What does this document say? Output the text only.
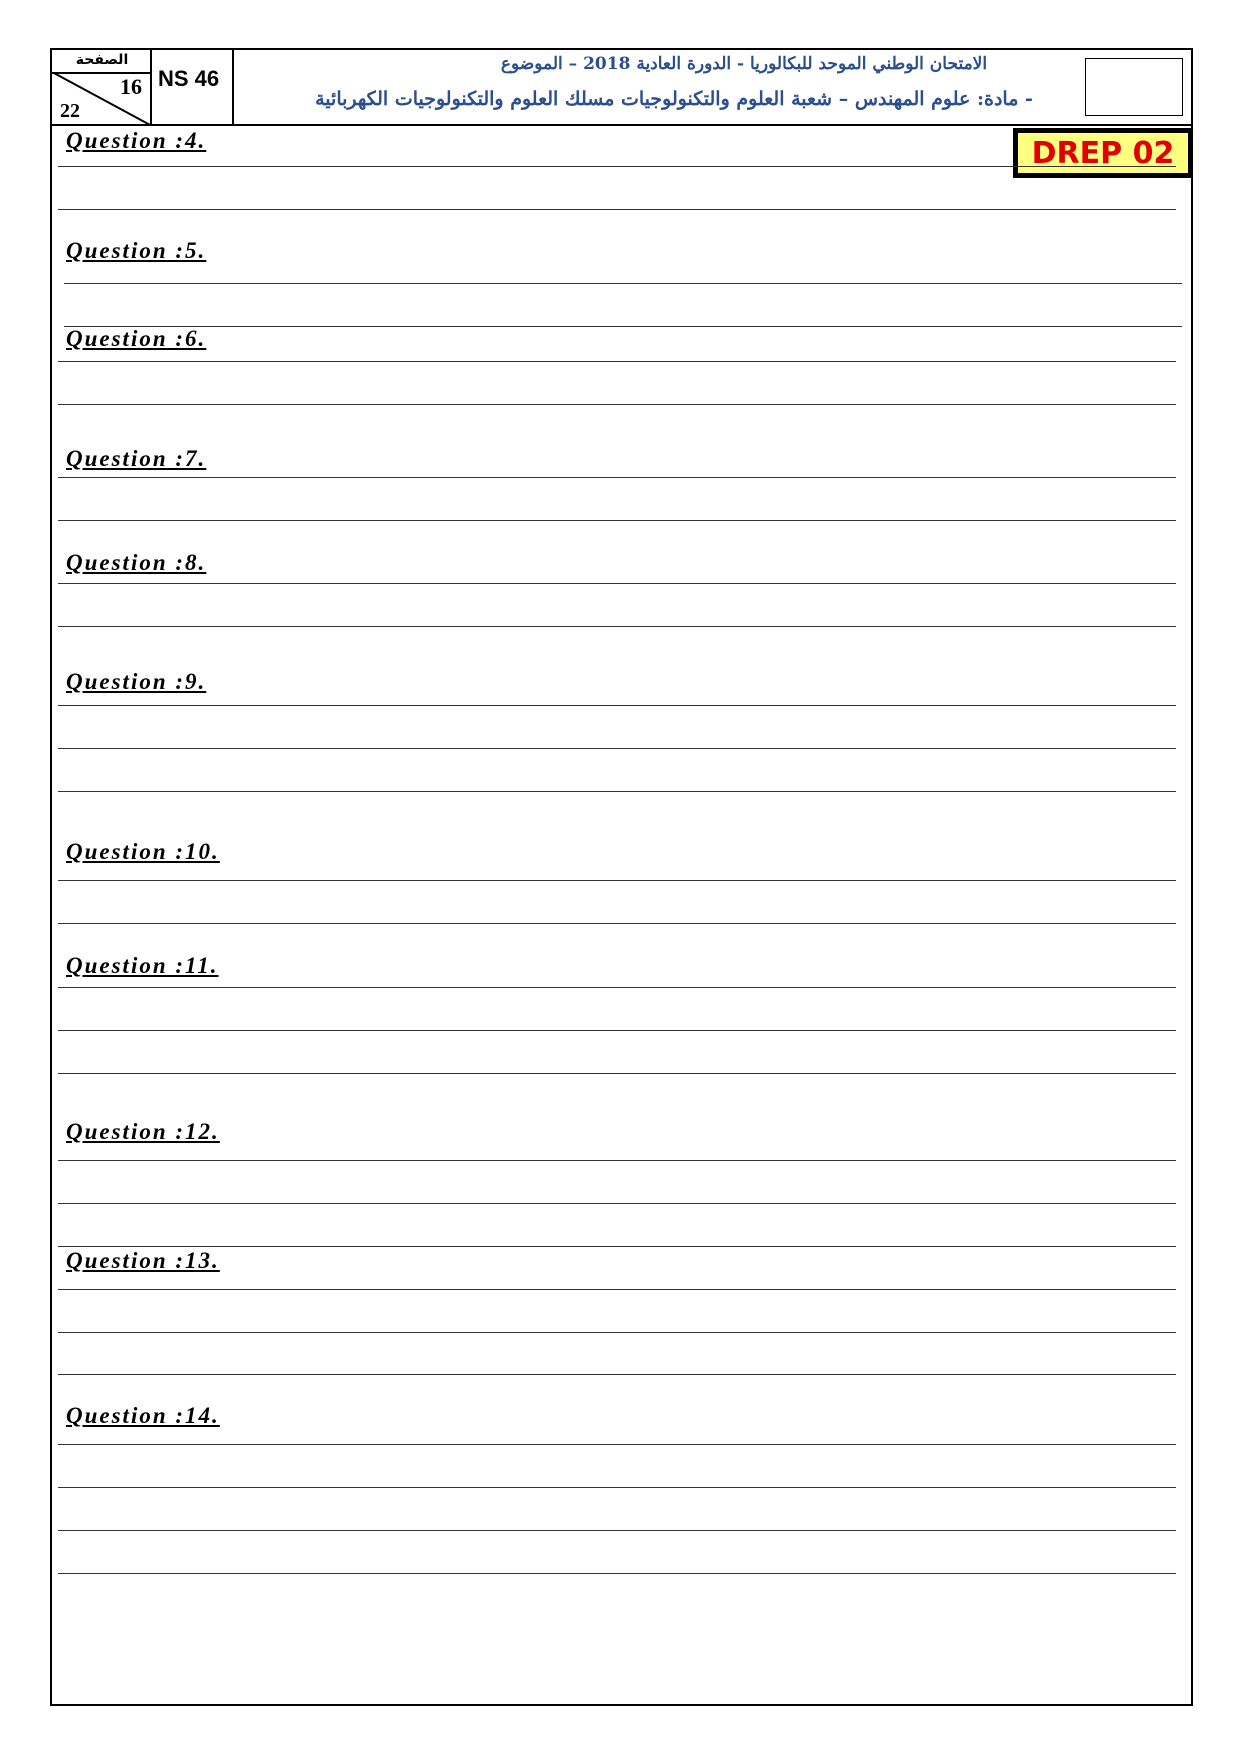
الصفحة
16
22
NS 46
الامتحان الوطني الموحد للبكالوريا - الدورة العادية 2018 – الموضوع
- مادة: علوم المهندس – شعبة العلوم والتكنولوجيات مسلك العلوم والتكنولوجيات الكهربائية
DREP 02
Question :4.
Question :5.
Question :6.
Question :7.
Question :8.
Question :9.
Question :10.
Question :11.
Question :12.
Question :13.
Question :14.
